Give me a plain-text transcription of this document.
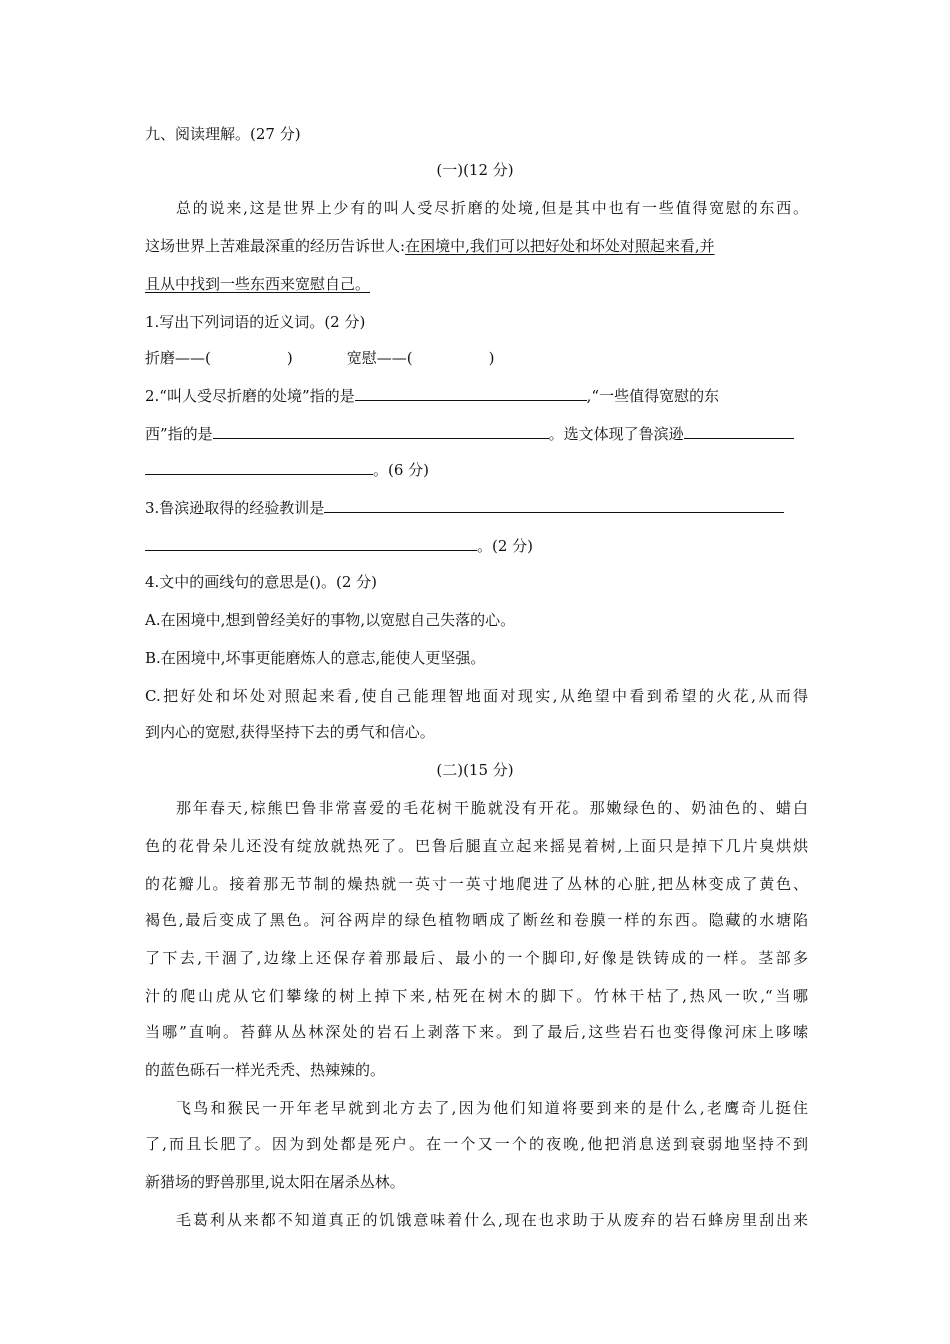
九、阅读理解。(27 分)
(一)(12 分)
总的说来,这是世界上少有的叫人受尽折磨的处境,但是其中也有一些值得宽慰的东西。
这场世界上苦难最深重的经历告诉世人:在困境中,我们可以把好处和坏处对照起来看,并
且从中找到一些东西来宽慰自己。
1.写出下列词语的近义词。(2 分)
折磨——(	)	宽慰——(	)
2.“叫人受尽折磨的处境”指的是	,“一些值得宽慰的东
西”指的是	。选文体现了鲁滨逊
。(6 分)
3.鲁滨逊取得的经验教训是
。(2 分)
4.文中的画线句的意思是()。(2 分)
A.在困境中,想到曾经美好的事物,以宽慰自己失落的心。
B.在困境中,坏事更能磨炼人的意志,能使人更坚强。
C.把好处和坏处对照起来看,使自己能理智地面对现实,从绝望中看到希望的火花,从而得
到内心的宽慰,获得坚持下去的勇气和信心。
(二)(15 分)
那年春天,棕熊巴鲁非常喜爱的毛花树干脆就没有开花。那嫩绿色的、奶油色的、蜡白
色的花骨朵儿还没有绽放就热死了。巴鲁后腿直立起来摇晃着树,上面只是掉下几片臭烘烘
的花瓣儿。接着那无节制的燥热就一英寸一英寸地爬进了丛林的心脏,把丛林变成了黄色、
褐色,最后变成了黑色。河谷两岸的绿色植物晒成了断丝和卷膜一样的东西。隐藏的水塘陷
了下去,干涸了,边缘上还保存着那最后、最小的一个脚印,好像是铁铸成的一样。茎部多
汁的爬山虎从它们攀缘的树上掉下来,枯死在树木的脚下。竹林干枯了,热风一吹,“当哪
当哪”直响。苔藓从丛林深处的岩石上剥落下来。到了最后,这些岩石也变得像河床上哆嗦
的蓝色砾石一样光秃秃、热辣辣的。
飞鸟和猴民一开年老早就到北方去了,因为他们知道将要到来的是什么,老鹰奇儿挺住
了,而且长肥了。因为到处都是死户。在一个又一个的夜晚,他把消息送到衰弱地坚持不到
新猎场的野兽那里,说太阳在屠杀丛林。
毛葛利从来都不知道真正的饥饿意味着什么,现在也求助于从废弃的岩石蜂房里刮出来
